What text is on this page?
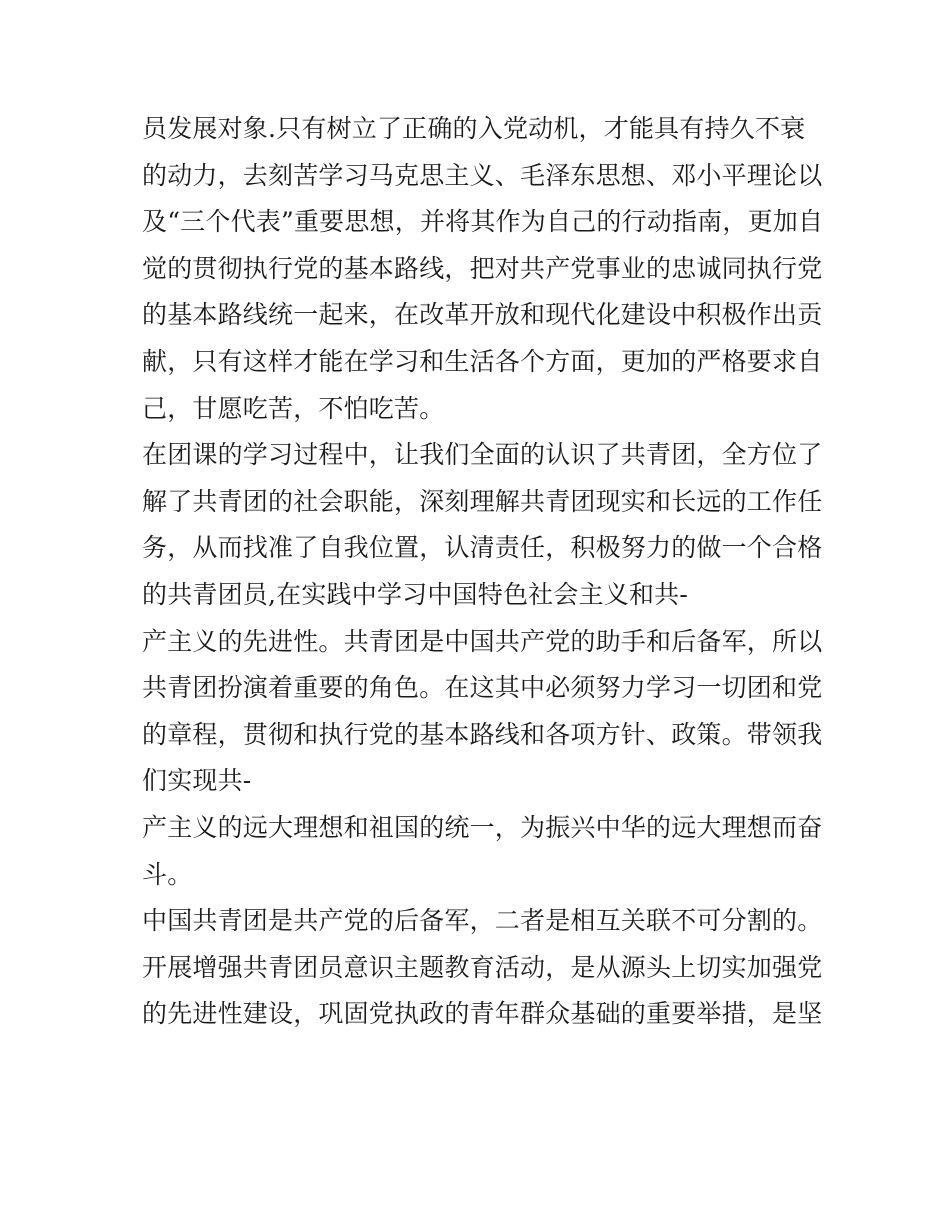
员发展对象.只有树立了正确的入党动机，才能具有持久不衰
的动力，去刻苦学习马克思主义、毛泽东思想、邓小平理论以
及“三个代表”重要思想，并将其作为自己的行动指南，更加自
觉的贯彻执行党的基本路线，把对共产党事业的忠诚同执行党
的基本路线统一起来，在改革开放和现代化建设中积极作出贡
献，只有这样才能在学习和生活各个方面，更加的严格要求自
己，甘愿吃苦，不怕吃苦。
在团课的学习过程中，让我们全面的认识了共青团，全方位了
解了共青团的社会职能，深刻理解共青团现实和长远的工作任
务，从而找准了自我位置，认清责任，积极努力的做一个合格
的共青团员,在实践中学习中国特色社会主义和共-
产主义的先进性。共青团是中国共产党的助手和后备军，所以
共青团扮演着重要的角色。在这其中必须努力学习一切团和党
的章程，贯彻和执行党的基本路线和各项方针、政策。带领我
们实现共-
产主义的远大理想和祖国的统一，为振兴中华的远大理想而奋
斗。
中国共青团是共产党的后备军，二者是相互关联不可分割的。
开展增强共青团员意识主题教育活动，是从源头上切实加强党
的先进性建设，巩固党执政的青年群众基础的重要举措，是坚
